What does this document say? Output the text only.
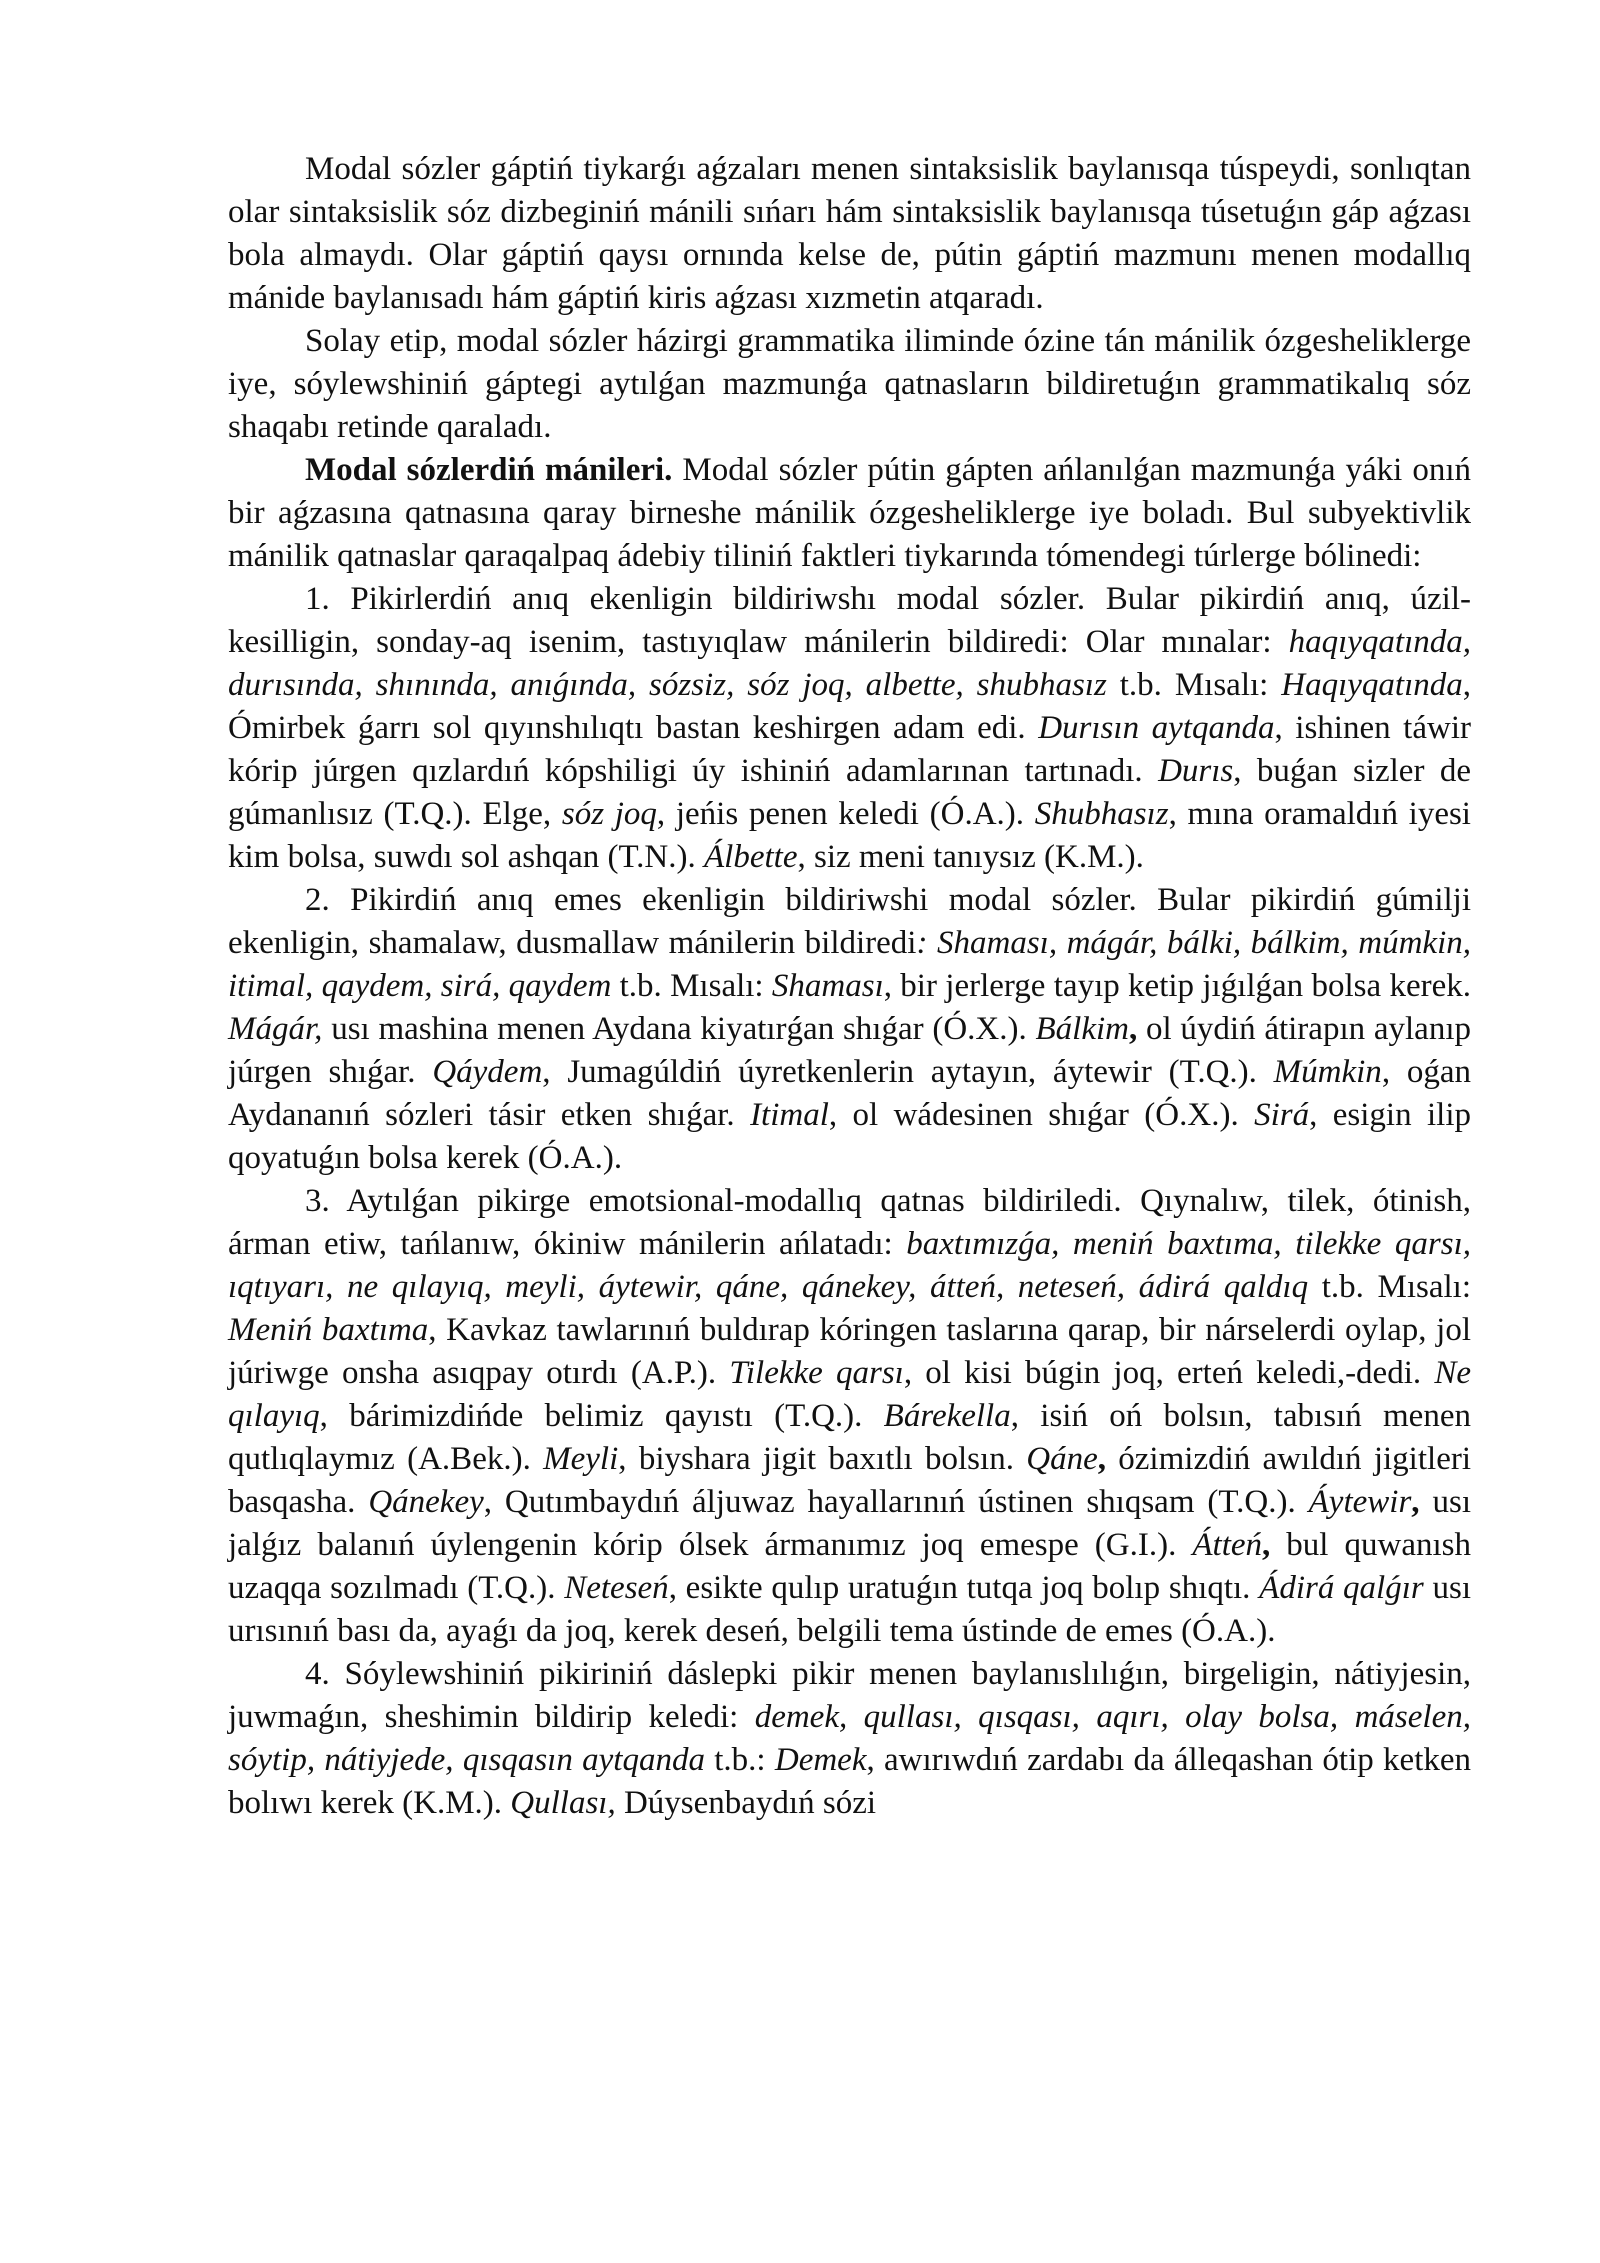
Modal sózler gáptiń tiykarǵı aǵzaları menen sintaksislik baylanısqa túspeydi, sonlıqtan olar sintaksislik sóz dizbeginiń mánili sıńarı hám sintaksislik baylanısqa túsetuǵın gáp aǵzası bola almaydı. Olar gáptiń qaysı ornında kelse de, pútin gáptiń mazmunı menen modallıq mánide baylanısadı hám gáptiń kiris aǵzası xızmetin atqaradı.

Solay etip, modal sózler házirgi grammatika iliminde ózine tán mánilik ózgesheliklerge iye, sóylewshiniń gáptegi aytılǵan mazmunǵa qatnasların bildiretuǵın grammatikalıq sóz shaqabı retinde qaraladı.

Modal sózlerdiń mánileri. Modal sózler pútin gápten ańlanılǵan mazmunǵa yáki onıń bir aǵzasına qatnasına qaray birneshe mánilik ózgesheliklerge iye boladı. Bul subyektivlik mánilik qatnaslar qaraqalpaq ádebiy tiliniń faktleri tiykarında tómendegi túrlerge bólinedi:

1. Pikirlerdiń anıq ekenligin bildiriwshı modal sózler. Bular pikirdiń anıq, úzil-kesilligin, sonday-aq isenim, tastıyıqlaw mánilerin bildiredi: Olar mınalar: haqıyqatında, durısında, shınında, anıǵında, sózsiz, sóz joq, albette, shubhasız t.b. Mısalı: Haqıyqatında, Ómirbek ǵarrı sol qıyınshılıqtı bastan keshirgen adam edi. Durısın aytqanda, ishinen táwir kórip júrgen qızlardıń kópshiligi úy ishiniń adamlarınan tartınadı. Durıs, buǵan sizler de gúmanlısız (T.Q.). Elge, sóz joq, jeńis penen keledi (Ó.A.). Shubhasız, mına oramaldıń iyesi kim bolsa, suwdı sol ashqan (T.N.). Álbette, siz meni tanıysız (K.M.).

2. Pikirdiń anıq emes ekenligin bildiriwshi modal sózler. Bular pikirdiń gúmilji ekenligin, shamalaw, dusmallaw mánilerin bildiredi: Shaması, mágár, bálki, bálkim, múmkin, itimal, qaydem, sirá, qaydem t.b. Mısalı: Shaması, bir jerlerge tayıp ketip jıǵılǵan bolsa kerek. Mágár, usı mashina menen Aydana kiyatırǵan shıǵar (Ó.X.). Bálkim, ol úydiń átirapın aylanıp júrgen shıǵar. Qáydem, Jumagúldiń úyretkenlerin aytayın, áytewir (T.Q.). Múmkin, oǵan Aydananıń sózleri tásir etken shıǵar. Itimal, ol wádesinen shıǵar (Ó.X.). Sirá, esigin ilip qoyatuǵın bolsa kerek (Ó.A.).

3. Aytılǵan pikirge emotsional-modallıq qatnas bildiriledi. Qıynalıw, tilek, ótinish, árman etiw, tańlanıw, ókiniw mánilerin ańlatadı: baxtımızǵa, meniń baxtıma, tilekke qarsı, ıqtıyarı, ne qılayıq, meyli, áytewir, qáne, qánekey, átteń, neteseń, ádirá qaldıq t.b. Mısalı: Meniń baxtıma, Kavkaz tawlarınıń buldırap kóringen taslarına qarap, bir nárselerdi oylap, jol júriwge onsha asıqpay otırdı (A.P.). Tilekke qarsı, ol kisi búgin joq, erteń keledi,-dedi. Ne qılayıq, bárimizdińde belimiz qayıstı (T.Q.). Bárekella, isiń oń bolsın, tabısıń menen qutlıqlaymız (A.Bek.). Meyli, biyshara jigit baxıtlı bolsın. Qáne, ózimizdiń awıldıń jigitleri basqasha. Qánekey, Qutımbaydıń áljuwaz hayallarınıń ústinen shıqsam (T.Q.). Áytewir, usı jalǵız balanıń úylengenin kórip ólsek ármanımız joq emespe (G.I.). Átteń, bul quwanısh uzaqqa sozılmadı (T.Q.). Neteseń, esikte qulıp uratuǵın tutqa joq bolıp shıqtı. Ádirá qalǵır usı urısınıń bası da, ayaǵı da joq, kerek deseń, belgili tema ústinde de emes (Ó.A.).

4. Sóylewshiniń pikiriniń dáslepki pikir menen baylanıslılıǵın, birgeligin, nátiyjesin, juwmaǵın, sheshimin bildirip keledi: demek, qullası, qısqası, aqırı, olay bolsa, máselen, sóytip, nátiyjede, qısqasın aytqanda t.b.: Demek, awırıwdıń zardabı da álleqashan ótip ketken bolıwı kerek (K.M.). Qullası, Dúysenbaydıń sózi
